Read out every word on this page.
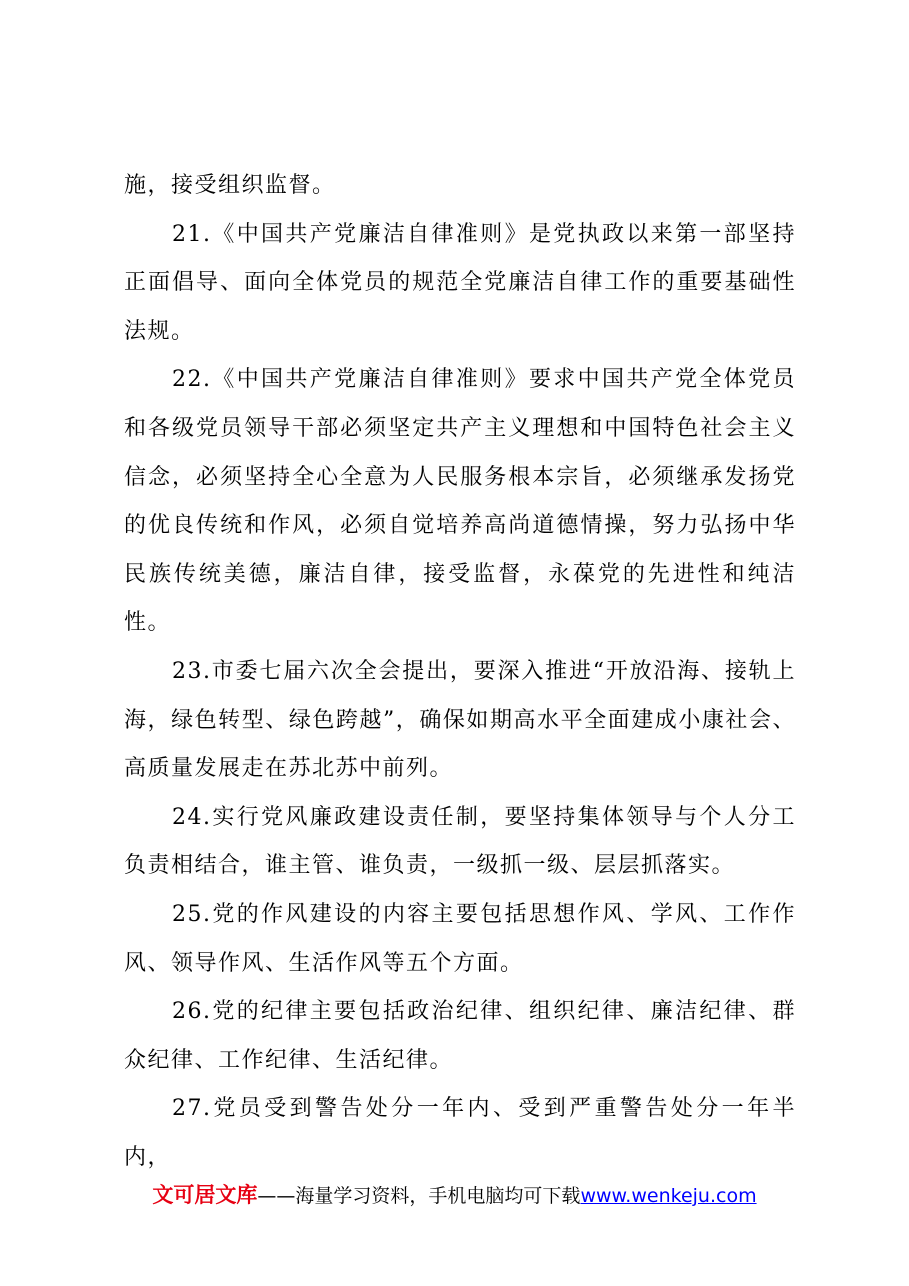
施，接受组织监督。

21.《中国共产党廉洁自律准则》是党执政以来第一部坚持正面倡导、面向全体党员的规范全党廉洁自律工作的重要基础性法规。

22.《中国共产党廉洁自律准则》要求中国共产党全体党员和各级党员领导干部必须坚定共产主义理想和中国特色社会主义信念，必须坚持全心全意为人民服务根本宗旨，必须继承发扬党的优良传统和作风，必须自觉培养高尚道德情操，努力弘扬中华民族传统美德，廉洁自律，接受监督，永葆党的先进性和纯洁性。

23.市委七届六次全会提出，要深入推进“开放沿海、接轨上海，绿色转型、绿色跨越”，确保如期高水平全面建成小康社会、高质量发展走在苏北苏中前列。

24.实行党风廉政建设责任制，要坚持集体领导与个人分工负责相结合，谁主管、谁负责，一级抓一级、层层抓落实。

25.党的作风建设的内容主要包括思想作风、学风、工作作风、领导作风、生活作风等五个方面。

26.党的纪律主要包括政治纪律、组织纪律、廉洁纪律、群众纪律、工作纪律、生活纪律。

27.党员受到警告处分一年内、受到严重警告处分一年半内，

文可居文库——海量学习资料，手机电脑均可下载www.wenkeju.com
